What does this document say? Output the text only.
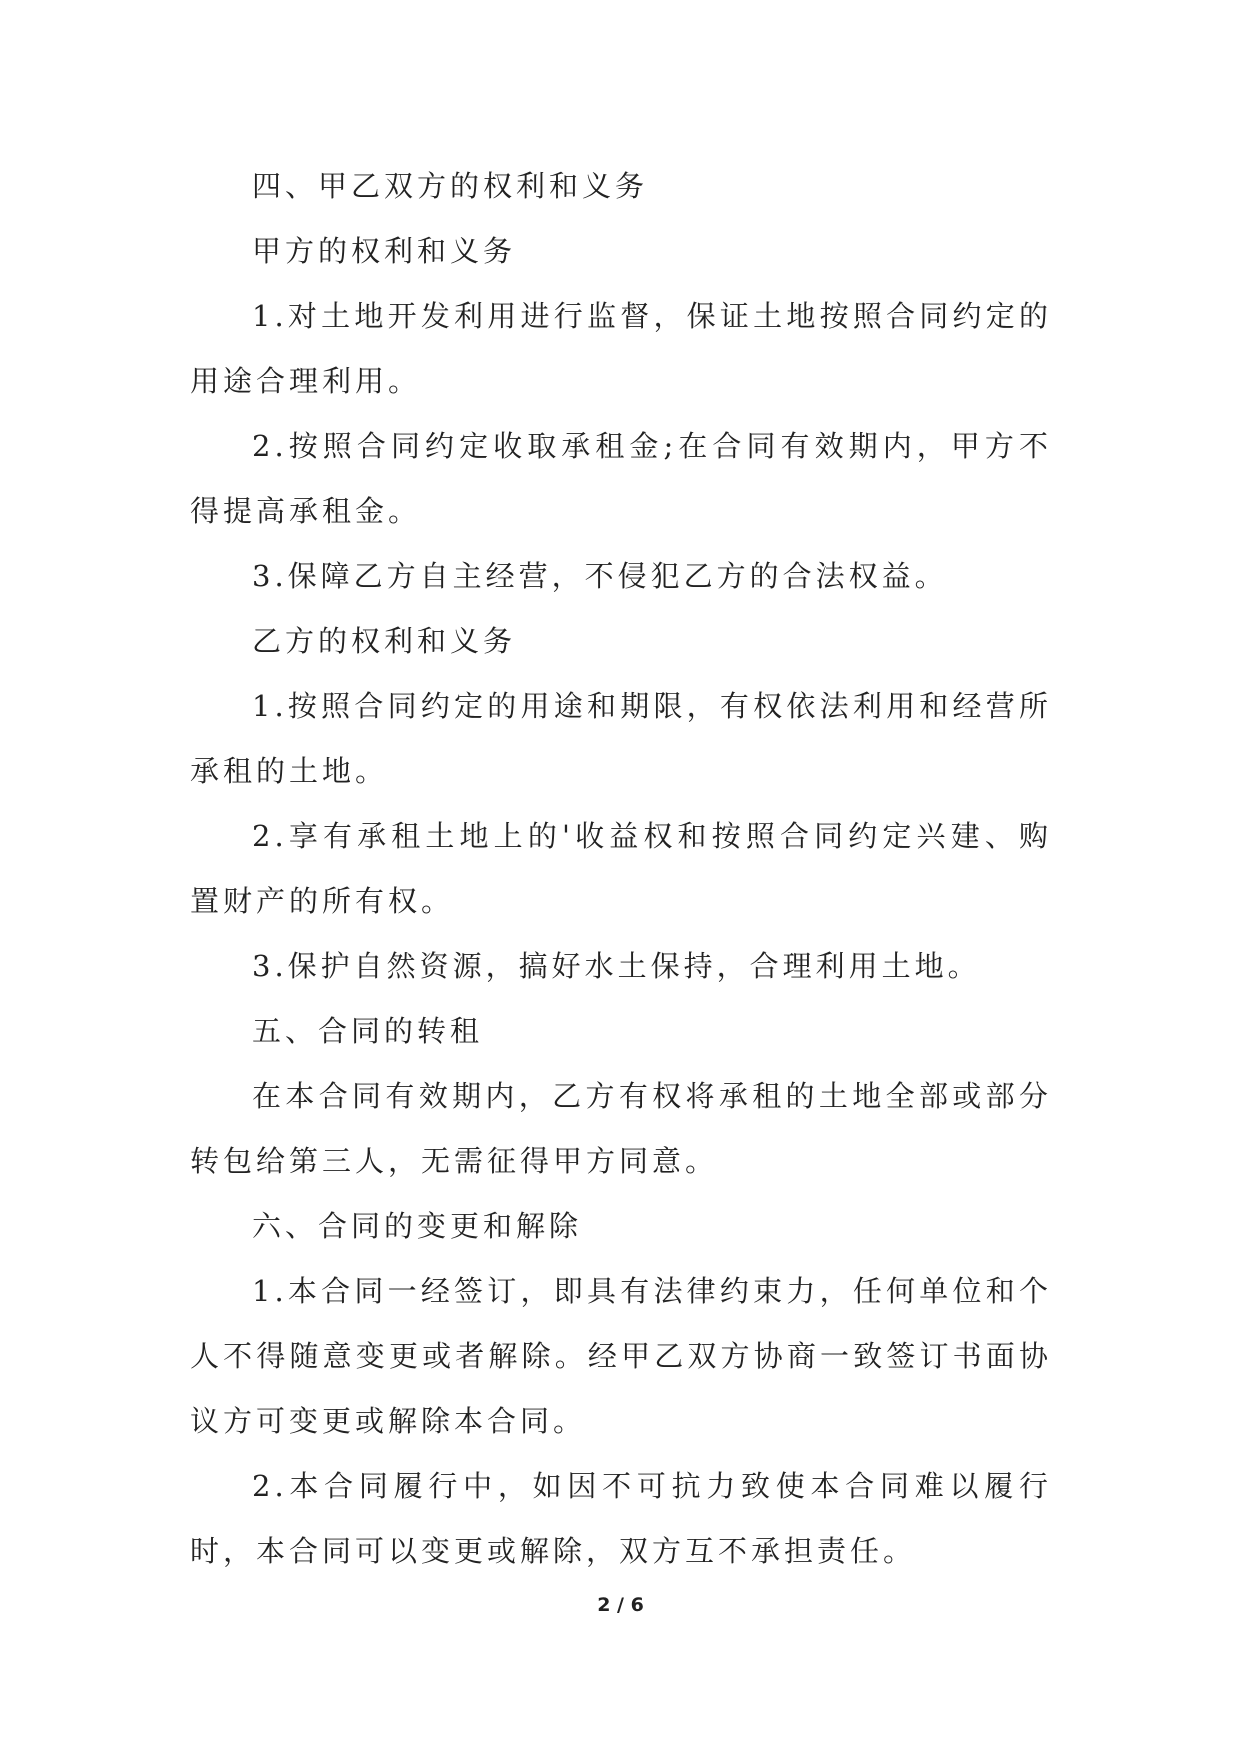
四、甲乙双方的权利和义务

甲方的权利和义务

1.对土地开发利用进行监督，保证土地按照合同约定的用途合理利用。

2.按照合同约定收取承租金;在合同有效期内，甲方不得提高承租金。

3.保障乙方自主经营，不侵犯乙方的合法权益。

乙方的权利和义务

1.按照合同约定的用途和期限，有权依法利用和经营所承租的土地。

2.享有承租土地上的'收益权和按照合同约定兴建、购置财产的所有权。

3.保护自然资源，搞好水土保持，合理利用土地。

五、合同的转租

在本合同有效期内，乙方有权将承租的土地全部或部分转包给第三人，无需征得甲方同意。

六、合同的变更和解除

1.本合同一经签订，即具有法律约束力，任何单位和个人不得随意变更或者解除。经甲乙双方协商一致签订书面协议方可变更或解除本合同。

2.本合同履行中，如因不可抗力致使本合同难以履行时，本合同可以变更或解除，双方互不承担责任。

2 / 6
